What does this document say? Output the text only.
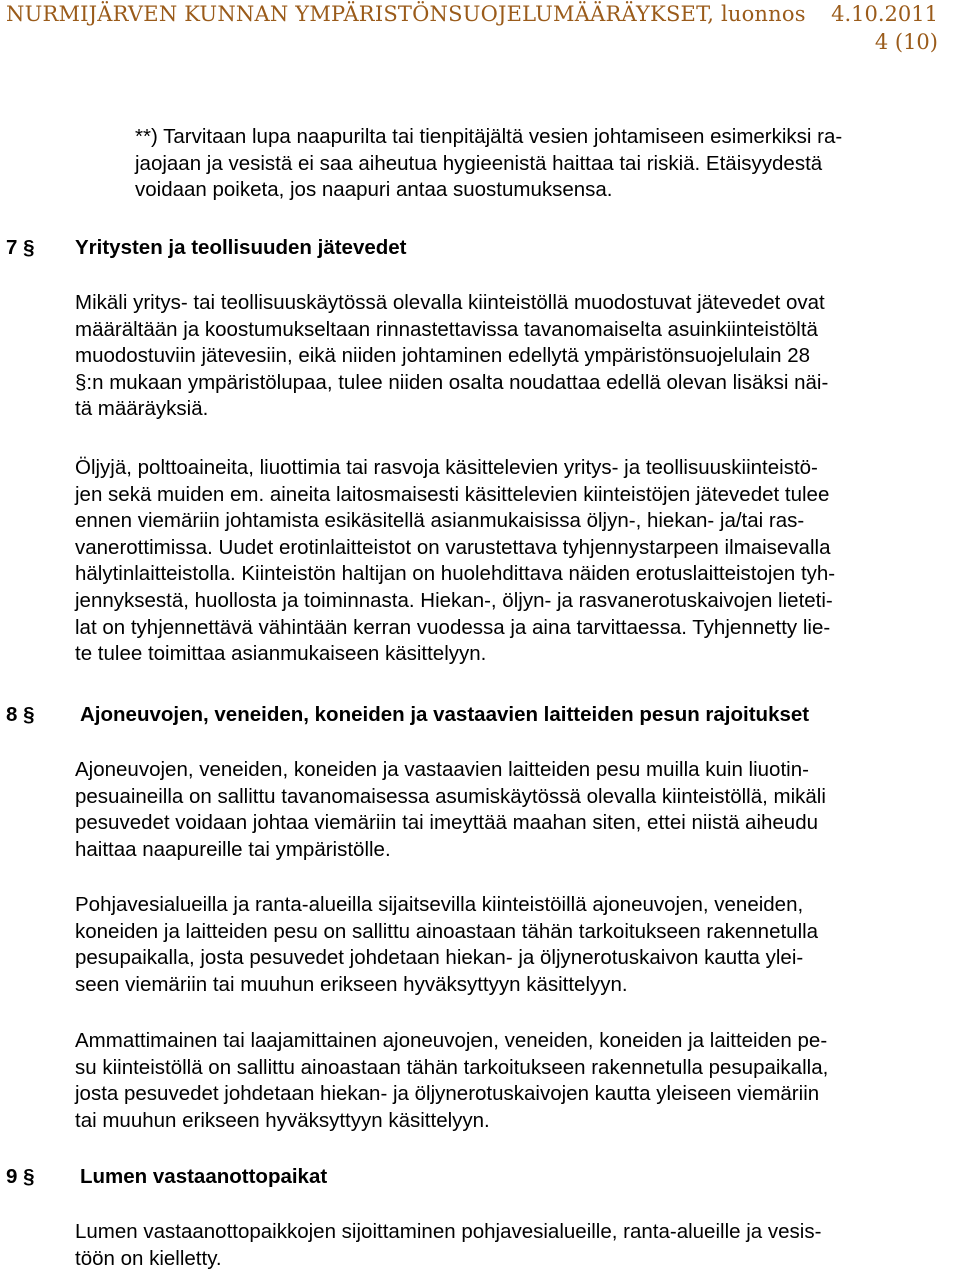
NURMIJÄRVEN KUNNAN YMPÄRISTÖNSUOJELUMÄÄRÄYKSET, luonnos 4.10.2011
4 (10)
**) Tarvitaan lupa naapurilta tai tienpitäjältä vesien johtamiseen esimerkiksi ra-
jaojaan ja vesistä ei saa aiheutua hygieenistä haittaa tai riskiä. Etäisyydestä
voidaan poiketa, jos naapuri antaa suostumuksensa.
7 § Yritysten ja teollisuuden jätevedet
Mikäli yritys- tai teollisuuskäytössä olevalla kiinteistöllä muodostuvat jätevedet ovat
määrältään ja koostumukseltaan rinnastettavissa tavanomaiselta asuinkiinteistöltä
muodostuviin jätevesiin, eikä niiden johtaminen edellytä ympäristönsuojelulain 28
§:n mukaan ympäristölupaa, tulee niiden osalta noudattaa edellä olevan lisäksi näi-
tä määräyksiä.
Öljyjä, polttoaineita, liuottimia tai rasvoja käsittelevien yritys- ja teollisuuskiinteistö-
jen sekä muiden em. aineita laitosmaisesti käsittelevien kiinteistöjen jätevedet tulee
ennen viemäriin johtamista esikäsitellä asianmukaisissa öljyn-, hiekan- ja/tai ras-
vanerottimissa. Uudet erotinlaitteistot on varustettava tyhjennystarpeen ilmaisevalla
hälytinlaitteistolla. Kiinteistön haltijan on huolehdittava näiden erotuslaitteistojen tyh-
jennyksestä, huollosta ja toiminnasta. Hiekan-, öljyn- ja rasvanerotuskaivojen lieteti-
lat on tyhjennettävä vähintään kerran vuodessa ja aina tarvittaessa. Tyhjennetty lie-
te tulee toimittaa asianmukaiseen käsittelyyn.
8 § Ajoneuvojen, veneiden, koneiden ja vastaavien laitteiden pesun rajoitukset
Ajoneuvojen, veneiden, koneiden ja vastaavien laitteiden pesu muilla kuin liuotin-
pesuaineilla on sallittu tavanomaisessa asumiskäytössä olevalla kiinteistöllä, mikäli
pesuvedet voidaan johtaa viemäriin tai imeyttää maahan siten, ettei niistä aiheudu
haittaa naapureille tai ympäristölle.
Pohjavesialueilla ja ranta-alueilla sijaitsevilla kiinteistöillä ajoneuvojen, veneiden,
koneiden ja laitteiden pesu on sallittu ainoastaan tähän tarkoitukseen rakennetulla
pesupaikalla, josta pesuvedet johdetaan hiekan- ja öljynerotuskaivon kautta ylei-
seen viemäriin tai muuhun erikseen hyväksyttyyn käsittelyyn.
Ammattimainen tai laajamittainen ajoneuvojen, veneiden, koneiden ja laitteiden pe-
su kiinteistöllä on sallittu ainoastaan tähän tarkoitukseen rakennetulla pesupaikalla,
josta pesuvedet johdetaan hiekan- ja öljynerotuskaivojen kautta yleiseen viemäriin
tai muuhun erikseen hyväksyttyyn käsittelyyn.
9 § Lumen vastaanottopaikat
Lumen vastaanottopaikkojen sijoittaminen pohjavesialueille, ranta-alueille ja vesis-
töön on kielletty.
